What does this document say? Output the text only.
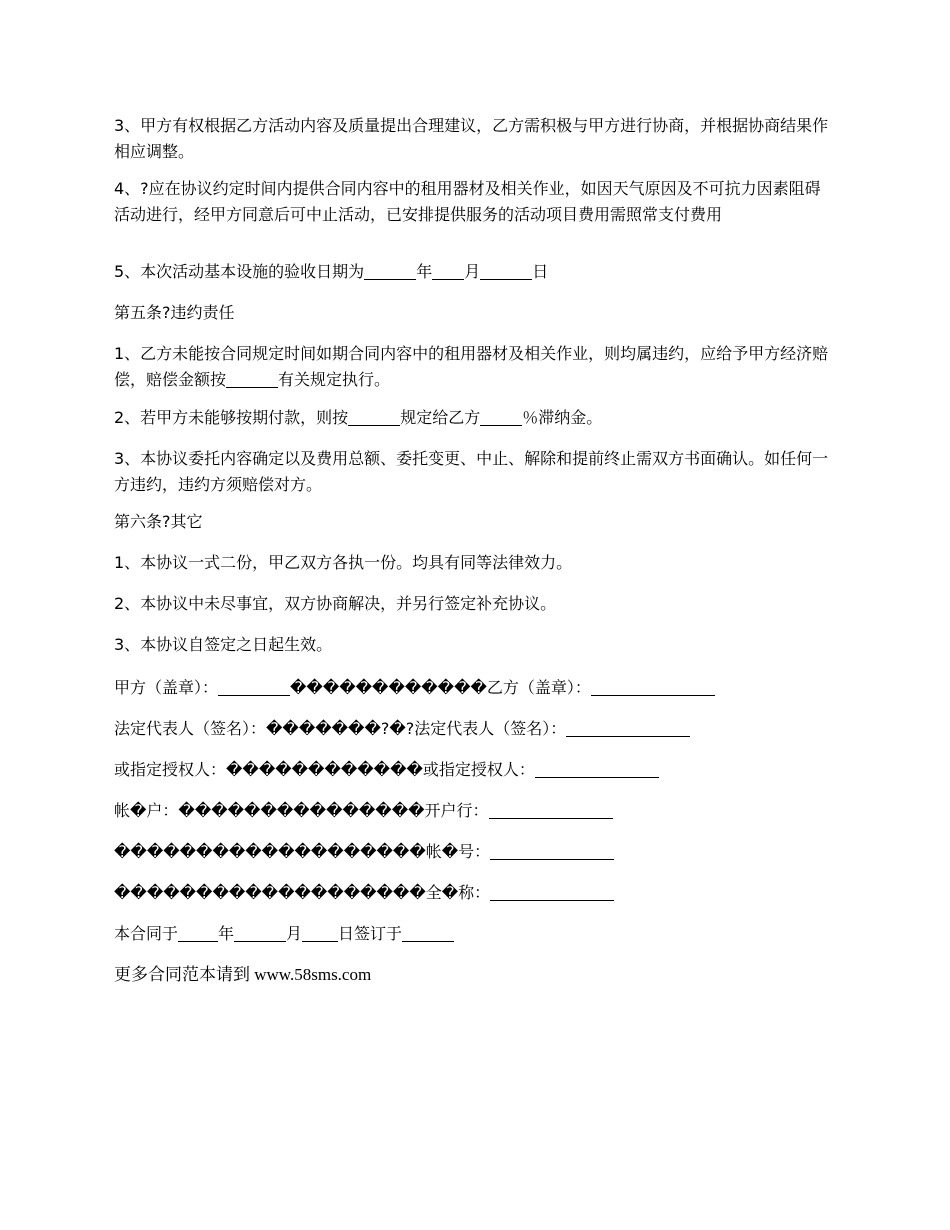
3、甲方有权根据乙方活动内容及质量提出合理建议，乙方需积极与甲方进行协商，并根据协商结果作相应调整。

4、?应在协议约定时间内提供合同内容中的租用器材及相关作业，如因天气原因及不可抗力因素阻碍活动进行，经甲方同意后可中止活动，已安排提供服务的活动项目费用需照常支付费用

5、本次活动基本设施的验收日期为	年 月	日

第五条?违约责任

1、乙方未能按合同规定时间如期合同内容中的租用器材及相关作业，则均属违约，应给予甲方经济赔偿，赔偿金额按	有关规定执行。

2、若甲方未能够按期付款，则按	规定给乙方	％滞纳金。

3、本协议委托内容确定以及费用总额、委托变更、中止、解除和提前终止需双方书面确认。如任何一方违约，违约方须赔偿对方。

第六条?其它

1、本协议一式二份，甲乙双方各执一份。均具有同等法律效力。

2、本协议中未尽事宜，双方协商解决，并另行签定补充协议。

3、本协议自签定之日起生效。

甲方（盖章）：	������������乙方（盖章）：

法定代表人（签名）：�������?�?法定代表人（签名）：

或指定授权人：������������或指定授权人：

帐�户：���������������开户行：

�������������������帐�号：

�������������������全�称：

本合同于	年	月 日签订于

更多合同范本请到 www.58sms.com
